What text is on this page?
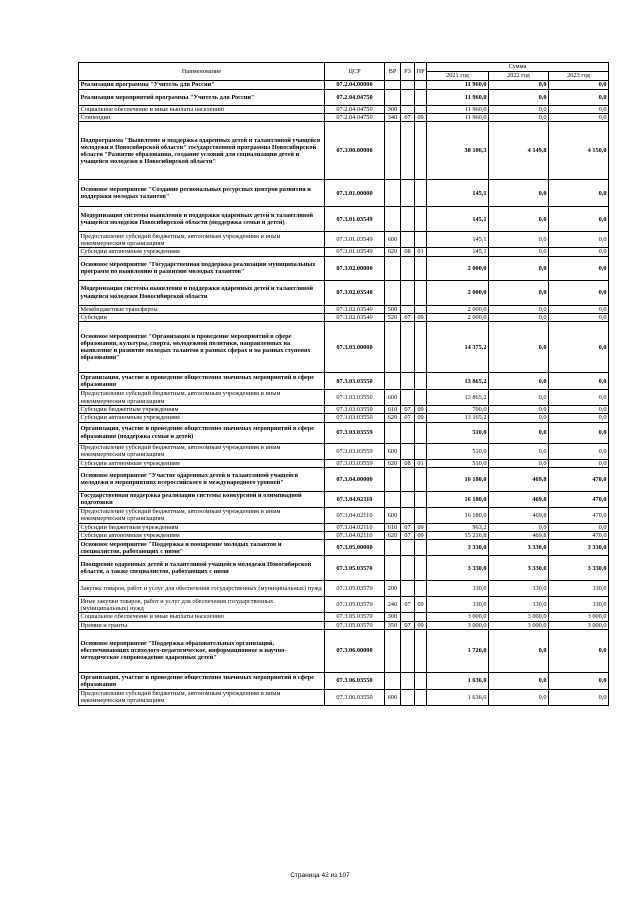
Наименование	ЦСР	ВР	РЗ	ПР	Сумма		
					2021 год	2022 год	2023 год
Реализация программы "Учитель для России"	07.2.04.00000				11 960,0	0,0	0,0
Реализация мероприятий программы "Учитель для России"	07.2.04.04750				11 960,0	0,0	0,0
Социальное обеспечение и иные выплаты населению	07.2.04.04750	300			11 960,0	0,0	0,0
Стипендии	07.2.04.04750	340	07	09	11 960,0	0,0	0,0
Подпрограмма "Выявление и поддержка одаренных детей и талантливой учащейся молодежи в Новосибирской области" государственной программы Новосибирской области "Развитие образования, создание условий для социализации детей и учащейся молодежи в Новосибирской области"	07.3.00.00000				38 106,3	4 149,8	4 150,0
Основное мероприятие "Создание региональных ресурсных центров развития и поддержки молодых талантов"	07.3.01.00000				145,1	0,0	0,0
Модернизация системы выявления и поддержки одаренных детей и талантливой учащейся молодежи Новосибирской области (поддержка семьи и детей)	07.3.01.03549				145,1	0,0	0,0
Предоставление субсидий бюджетным, автономным учреждениям и иным некоммерческим организациям	07.3.01.03549	600			145,1	0,0	0,0
Субсидии автономным учреждениям	07.3.01.03549	620	08	01	145,1	0,0	0,0
Основное мероприятие "Государственная поддержка реализации муниципальных программ по выявлению и развитию молодых талантов"	07.3.02.00000				2 000,0	0,0	0,0
Модернизация системы выявления и поддержки одаренных детей и талантливой учащейся молодежи Новосибирской области	07.3.02.03540				2 000,0	0,0	0,0
Межбюджетные трансферты	07.3.02.03540	500			2 000,0	0,0	0,0
Субсидии	07.3.02.03540	520	07	09	2 000,0	0,0	0,0
Основное мероприятие "Организация и проведение мероприятий в сфере образования, культуры, спорта, молодежной политики, направленных на выявление и развитие молодых талантов в разных сферах и на разных ступенях образования"	07.3.03.00000				14 375,2	0,0	0,0
Организация, участие и проведение общественно значимых мероприятий в сфере образования	07.3.03.03550				13 865,2	0,0	0,0
Предоставление субсидий бюджетным, автономным учреждениям и иным некоммерческим организациям	07.3.03.03550	600			13 865,2	0,0	0,0
Субсидии бюджетным учреждениям	07.3.03.03550	610	07	09	700,0	0,0	0,0
Субсидии автономным учреждениям	07.3.03.03550	620	07	09	13 165,2	0,0	0,0
Организация, участие и проведение общественно значимых мероприятий в сфере образования (поддержка семьи и детей)	07.3.03.03559				510,0	0,0	0,0
Предоставление субсидий бюджетным, автономным учреждениям и иным некоммерческим организациям	07.3.03.03559	600			510,0	0,0	0,0
Субсидии автономным учреждениям	07.3.03.03559	620	08	01	510,0	0,0	0,0
Основное мероприятие "Участие одаренных детей и талантливой учащейся молодежи в мероприятиях всероссийского и международного уровней"	07.3.04.00000				16 180,0	469,8	470,0
Государственная поддержка реализации системы конкурсной и олимпиадной подготовки	07.3.04.02110				16 180,0	469,8	470,0
Предоставление субсидий бюджетным, автономным учреждениям и иным некоммерческим организациям	07.3.04.02110	600			16 180,0	469,8	470,0
Субсидии бюджетным учреждениям	07.3.04.02110	610	07	09	963,2	0,0	0,0
Субсидии автономным учреждениям	07.3.04.02110	620	07	09	15 216,8	469,8	470,0
Основное мероприятие "Поддержка и поощрение молодых талантов и специалистов, работающих с ними"	07.3.05.00000				3 330,0	3 330,0	3 330,0
Поощрение одаренных детей и талантливой учащейся молодежи Новосибирской области, а также специалистов, работающих с ними	07.3.05.03570				3 330,0	3 330,0	3 330,0
Закупка товаров, работ и услуг для обеспечения государственных (муниципальных) нужд	07.3.05.03570	200			330,0	330,0	330,0
Иные закупки товаров, работ и услуг для обеспечения государственных (муниципальных) нужд	07.3.05.03570	240	07	09	330,0	330,0	330,0
Социальное обеспечение и иные выплаты населению	07.3.05.03570	300			3 000,0	3 000,0	3 000,0
Премии и гранты	07.3.05.03570	350	07	09	3 000,0	3 000,0	3 000,0
Основное мероприятие "Поддержка образовательных организаций, обеспечивающих психолого-педагогическое, информационное и научно-методическое сопровождение одаренных детей"	07.3.06.00000				1 726,0	0,0	0,0
Организация, участие и проведение общественно значимых мероприятий в сфере образования	07.3.06.03550				1 636,0	0,0	0,0
Предоставление субсидий бюджетным, автономным учреждениям и иным некоммерческим организациям	07.3.06.03550	600			1 636,0	0,0	0,0
Страница 42 из 107
